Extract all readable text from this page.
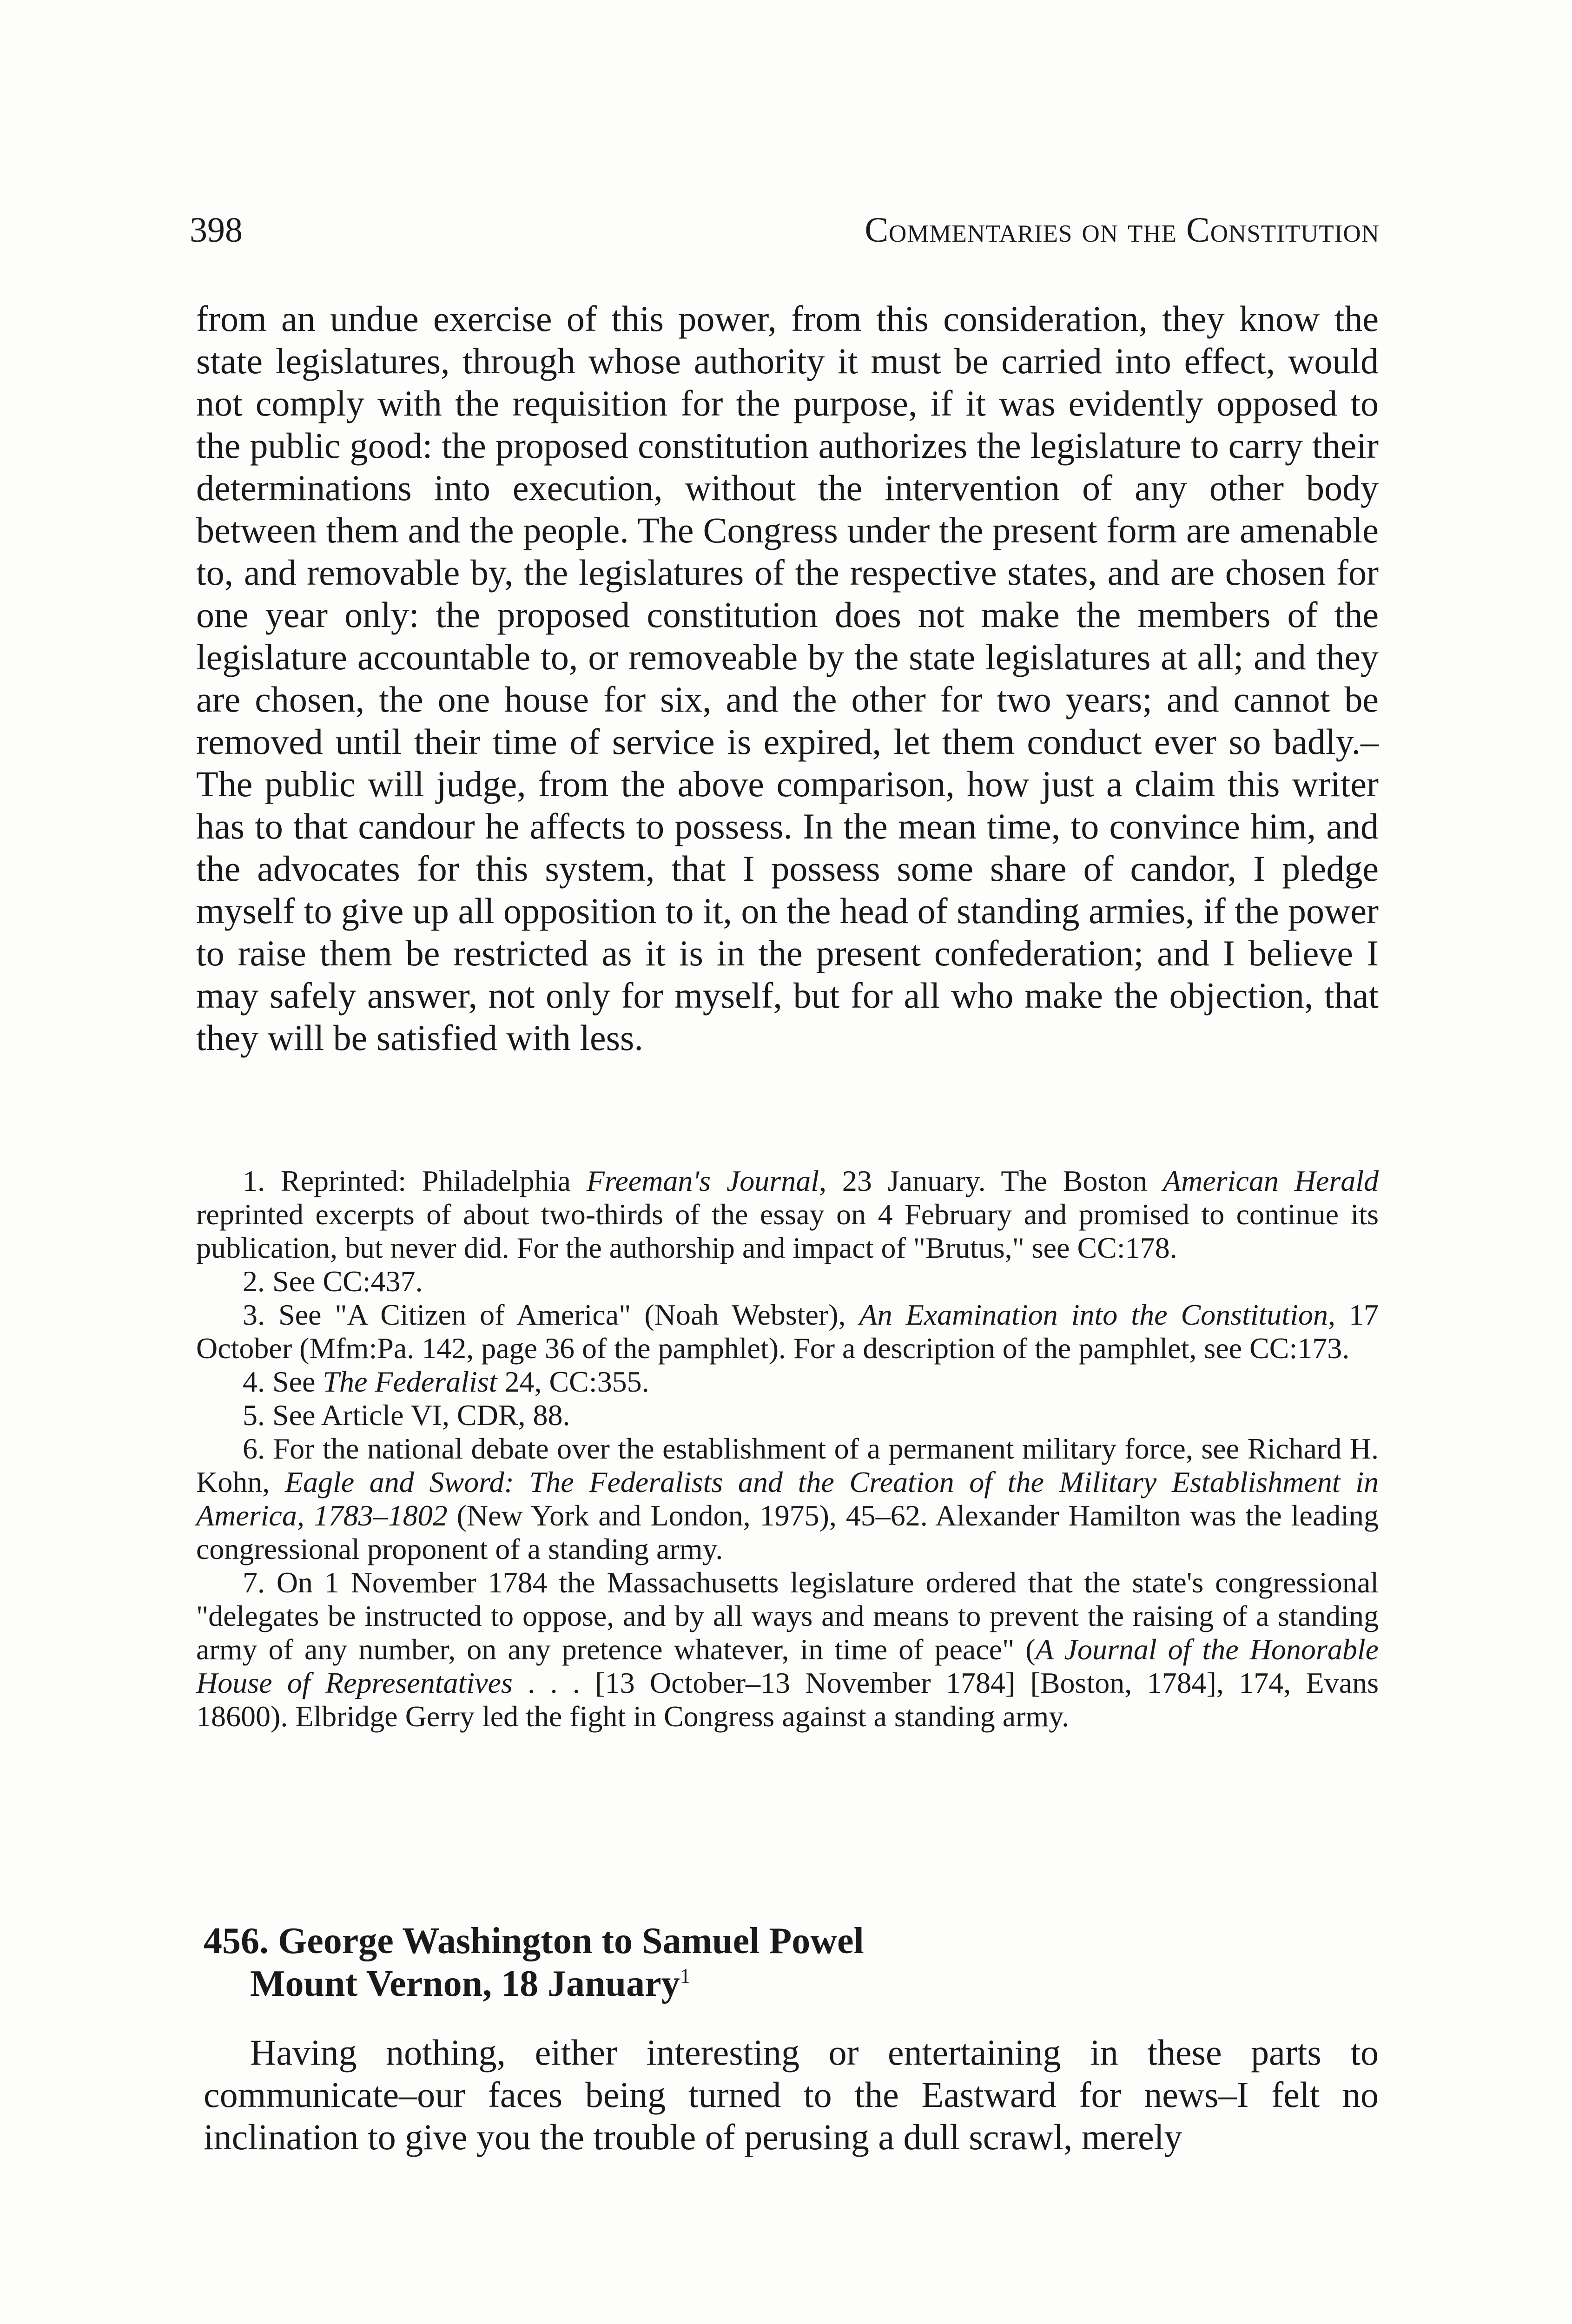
398	Commentaries on the Constitution

from an undue exercise of this power, from this consideration, they know the state legislatures, through whose authority it must be carried into effect, would not comply with the requisition for the purpose, if it was evidently opposed to the public good: the proposed constitution authorizes the legislature to carry their determinations into execution, without the intervention of any other body between them and the people. The Congress under the present form are amenable to, and removable by, the legislatures of the respective states, and are chosen for one year only: the proposed constitution does not make the members of the legislature accountable to, or removeable by the state legislatures at all; and they are chosen, the one house for six, and the other for two years; and cannot be removed until their time of service is expired, let them conduct ever so badly.–The public will judge, from the above comparison, how just a claim this writer has to that candour he affects to possess. In the mean time, to convince him, and the advocates for this system, that I possess some share of candor, I pledge myself to give up all opposition to it, on the head of standing armies, if the power to raise them be restricted as it is in the present confederation; and I believe I may safely answer, not only for myself, but for all who make the objection, that they will be satisfied with less.

1. Reprinted: Philadelphia Freeman's Journal, 23 January. The Boston American Herald reprinted excerpts of about two-thirds of the essay on 4 February and promised to continue its publication, but never did. For the authorship and impact of "Brutus," see CC:178.

2. See CC:437.

3. See "A Citizen of America" (Noah Webster), An Examination into the Constitution, 17 October (Mfm:Pa. 142, page 36 of the pamphlet). For a description of the pamphlet, see CC:173.

4. See The Federalist 24, CC:355.

5. See Article VI, CDR, 88.

6. For the national debate over the establishment of a permanent military force, see Richard H. Kohn, Eagle and Sword: The Federalists and the Creation of the Military Establishment in America, 1783–1802 (New York and London, 1975), 45–62. Alexander Hamilton was the leading congressional proponent of a standing army.

7. On 1 November 1784 the Massachusetts legislature ordered that the state's congressional "delegates be instructed to oppose, and by all ways and means to prevent the raising of a standing army of any number, on any pretence whatever, in time of peace" (A Journal of the Honorable House of Representatives . . . [13 October–13 November 1784] [Boston, 1784], 174, Evans 18600). Elbridge Gerry led the fight in Congress against a standing army.

456. George Washington to Samuel Powel
Mount Vernon, 18 January$^1$

Having nothing, either interesting or entertaining in these parts to communicate–our faces being turned to the Eastward for news–I felt no inclination to give you the trouble of perusing a dull scrawl, merely
